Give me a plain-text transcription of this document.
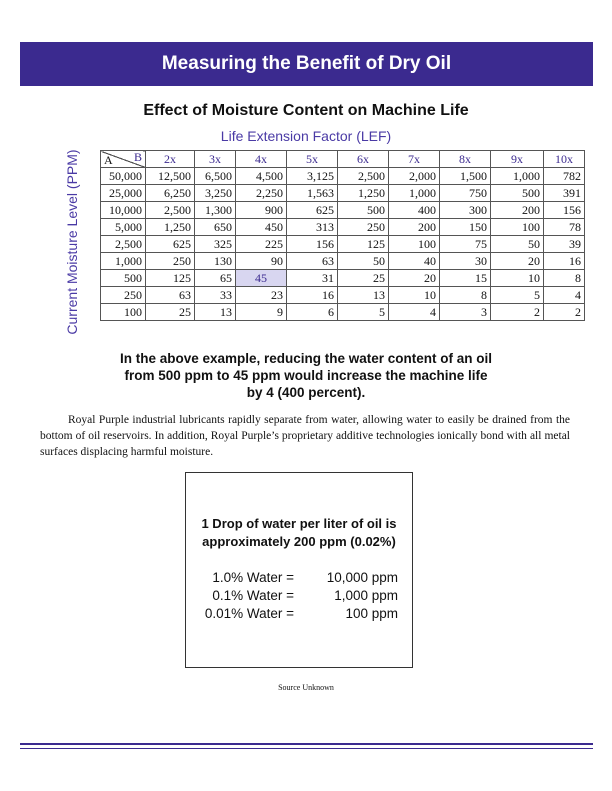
Measuring the Benefit of Dry Oil
Effect of Moisture Content on Machine Life
Life Extension Factor (LEF)
Current Moisture Level (PPM) A B	2x	3x	4x	5x	6x	7x	8x	9x	10x
50,000	12,500	6,500	4,500	3,125	2,500	2,000	1,500	1,000	782
25,000	6,250	3,250	2,250	1,563	1,250	1,000	750	500	391
10,000	2,500	1,300	900	625	500	400	300	200	156
5,000	1,250	650	450	313	250	200	150	100	78
2,500	625	325	225	156	125	100	75	50	39
1,000	250	130	90	63	50	40	30	20	16
500	125	65	45	31	25	20	15	10	8
250	63	33	23	16	13	10	8	5	4
100	25	13	9	6	5	4	3	2	2
In the above example, reducing the water content of an oil
from 500 ppm to 45 ppm would increase the machine life
by 4 (400 percent).

Royal Purple industrial lubricants rapidly separate from water, allowing water to easily be drained from the bottom of oil reservoirs. In addition, Royal Purple’s proprietary additive technologies ionically bond with all metal surfaces displacing harmful moisture.

1 Drop of water per liter of oil is
approximately 200 ppm (0.02%)
1.0% Water =	10,000 ppm
0.1% Water =	1,000 ppm
0.01% Water =	100 ppm
Source Unknown
